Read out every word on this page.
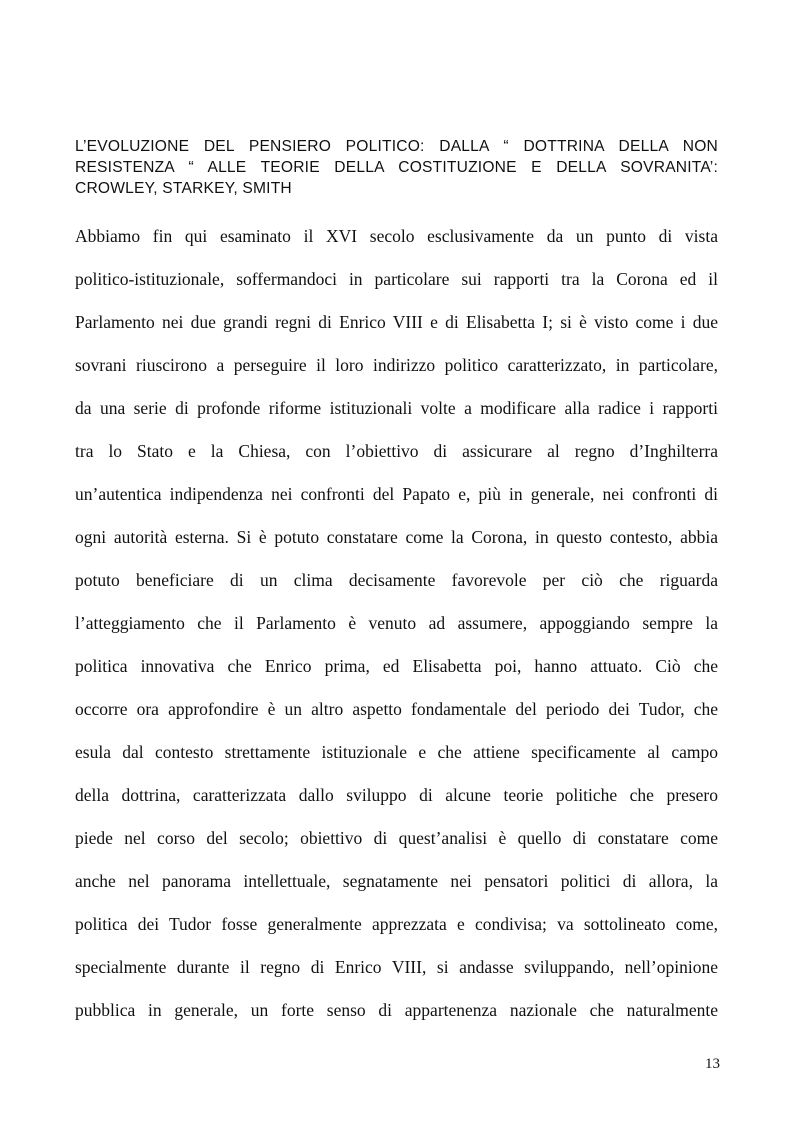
L’EVOLUZIONE DEL PENSIERO POLITICO: DALLA “ DOTTRINA DELLA NON RESISTENZA “ ALLE TEORIE DELLA COSTITUZIONE E DELLA SOVRANITA’: CROWLEY, STARKEY, SMITH
Abbiamo fin qui esaminato il XVI secolo esclusivamente da un punto di vista
politico-istituzionale, soffermandoci in particolare sui rapporti tra la Corona ed il
Parlamento nei due grandi regni di Enrico VIII e di Elisabetta I; si è visto come i due
sovrani riuscirono a perseguire il loro indirizzo politico caratterizzato, in particolare,
da una serie di profonde riforme istituzionali volte a modificare alla radice i rapporti
tra lo Stato e la Chiesa, con l’obiettivo di assicurare al regno d’Inghilterra
un’autentica indipendenza nei confronti del Papato e, più in generale, nei confronti di
ogni autorità esterna. Si è potuto constatare come la Corona, in questo contesto, abbia
potuto beneficiare di un clima decisamente favorevole per ciò che riguarda
l’atteggiamento che il Parlamento è venuto ad assumere, appoggiando sempre la
politica innovativa che Enrico prima, ed Elisabetta poi, hanno attuato. Ciò che
occorre ora approfondire è un altro aspetto fondamentale del periodo dei Tudor, che
esula dal contesto strettamente istituzionale e che attiene specificamente al campo
della dottrina, caratterizzata dallo sviluppo di alcune teorie politiche che presero
piede nel corso del secolo; obiettivo di quest’analisi è quello di constatare come
anche nel panorama intellettuale, segnatamente nei pensatori politici di allora, la
politica dei Tudor fosse generalmente apprezzata e condivisa; va sottolineato come,
specialmente durante il regno di Enrico VIII, si andasse sviluppando, nell’opinione
pubblica in generale, un forte senso di appartenenza nazionale che naturalmente
13
